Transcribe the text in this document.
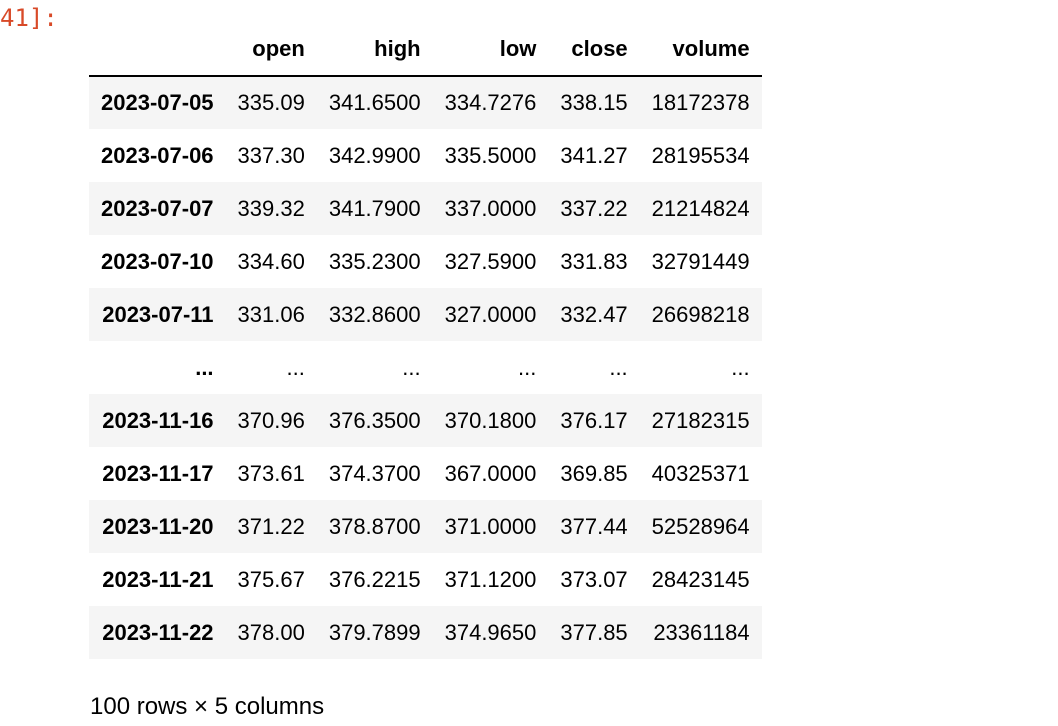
41]:
	open	high	low	close	volume
2023-07-05	335.09	341.6500	334.7276	338.15	18172378
2023-07-06	337.30	342.9900	335.5000	341.27	28195534
2023-07-07	339.32	341.7900	337.0000	337.22	21214824
2023-07-10	334.60	335.2300	327.5900	331.83	32791449
2023-07-11	331.06	332.8600	327.0000	332.47	26698218
...	...	...	...	...	...
2023-11-16	370.96	376.3500	370.1800	376.17	27182315
2023-11-17	373.61	374.3700	367.0000	369.85	40325371
2023-11-20	371.22	378.8700	371.0000	377.44	52528964
2023-11-21	375.67	376.2215	371.1200	373.07	28423145
2023-11-22	378.00	379.7899	374.9650	377.85	23361184
100 rows × 5 columns
